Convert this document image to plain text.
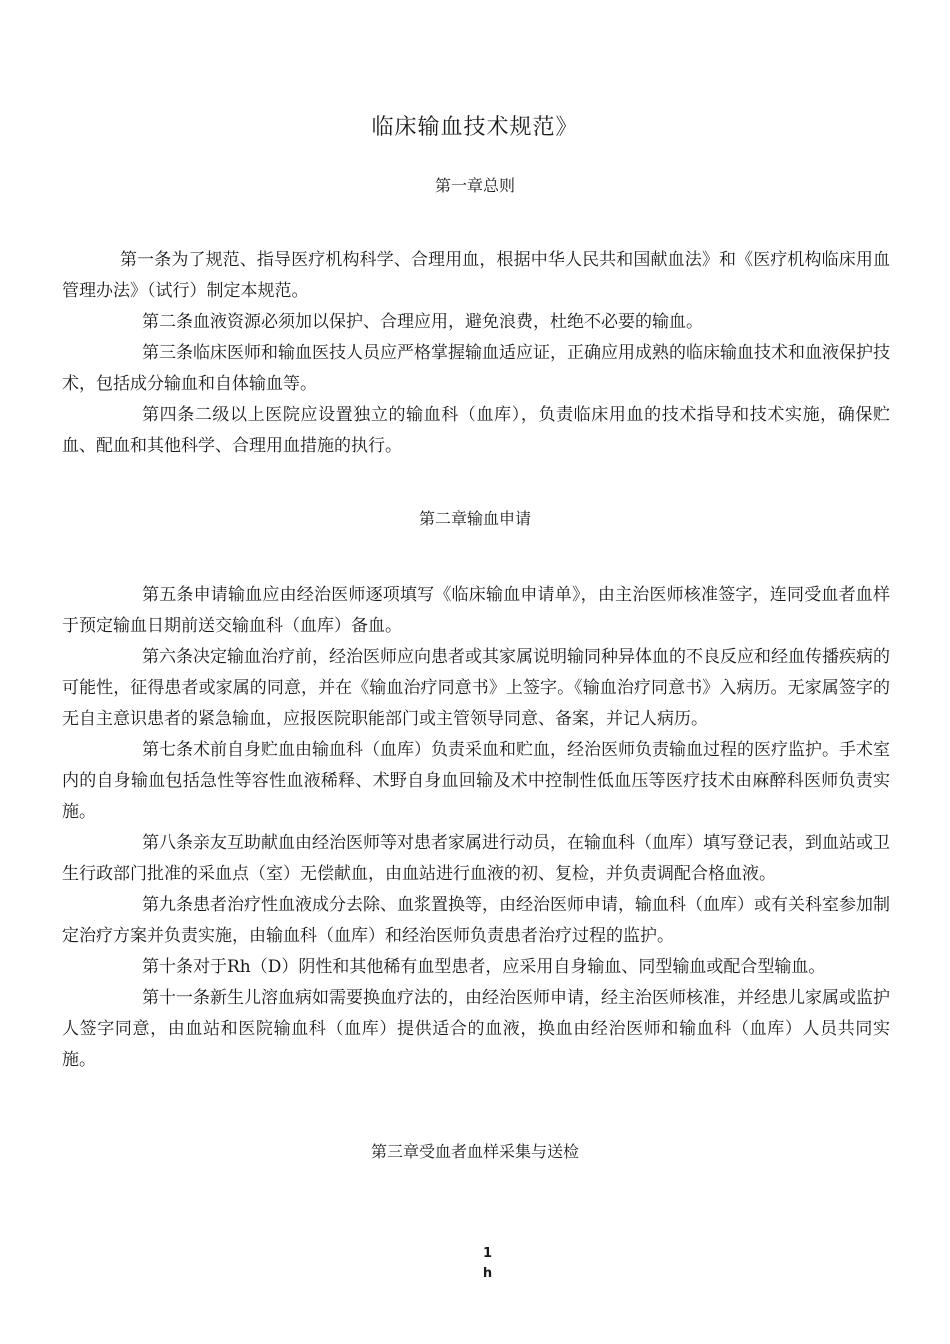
临床输血技术规范》
第一章总则

第一条为了规范、指导医疗机构科学、合理用血，根据中华人民共和国献血法》和《医疗机构临床用血管理办法》（试行）制定本规范。

第二条血液资源必须加以保护、合理应用，避免浪费，杜绝不必要的输血。

第三条临床医师和输血医技人员应严格掌握输血适应证，正确应用成熟的临床输血技术和血液保护技术，包括成分输血和自体输血等。

第四条二级以上医院应设置独立的输血科（血库），负责临床用血的技术指导和技术实施，确保贮血、配血和其他科学、合理用血措施的执行。

第二章输血申请

第五条申请输血应由经治医师逐项填写《临床输血申请单》，由主治医师核准签字，连同受血者血样于预定输血日期前送交输血科（血库）备血。

第六条决定输血治疗前，经治医师应向患者或其家属说明输同种异体血的不良反应和经血传播疾病的可能性，征得患者或家属的同意，并在《输血治疗同意书》上签字。《输血治疗同意书》入病历。无家属签字的无自主意识患者的紧急输血，应报医院职能部门或主管领导同意、备案，并记人病历。

第七条术前自身贮血由输血科（血库）负责采血和贮血，经治医师负责输血过程的医疗监护。手术室内的自身输血包括急性等容性血液稀释、术野自身血回输及术中控制性低血压等医疗技术由麻醉科医师负责实施。

第八条亲友互助献血由经治医师等对患者家属进行动员，在输血科（血库）填写登记表，到血站或卫生行政部门批准的采血点（室）无偿献血，由血站进行血液的初、复检，并负责调配合格血液。

第九条患者治疗性血液成分去除、血浆置换等，由经治医师申请，输血科（血库）或有关科室参加制定治疗方案并负责实施，由输血科（血库）和经治医师负责患者治疗过程的监护。

第十条对于Rh（D）阴性和其他稀有血型患者，应采用自身输血、同型输血或配合型输血。

第十一条新生儿溶血病如需要换血疗法的，由经治医师申请，经主治医师核准，并经患儿家属或监护人签字同意，由血站和医院输血科（血库）提供适合的血液，换血由经治医师和输血科（血库）人员共同实施。

第三章受血者血样采集与送检
1
h
